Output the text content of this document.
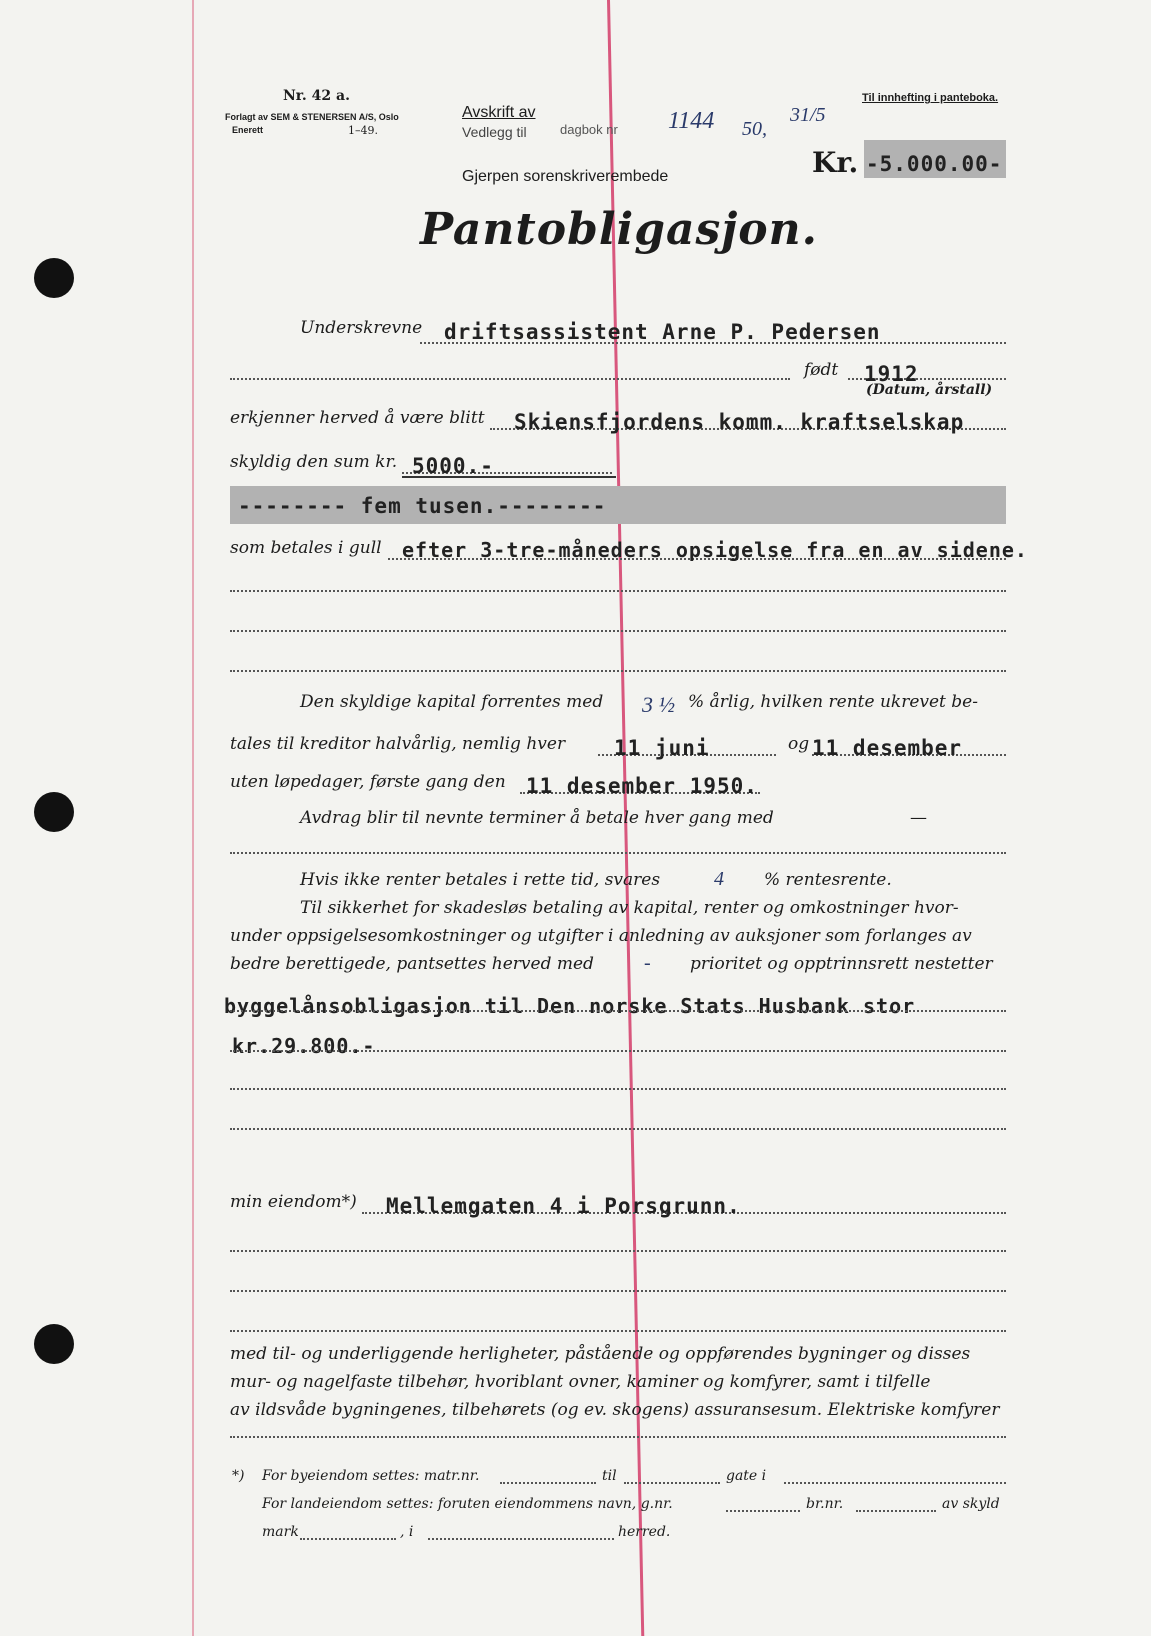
Nr. 42 a.
Forlagt av SEM & STENERSEN A/S, Oslo
Enerett	1–49.
Avskrift av
Vedlegg til	dagbok nr 1144 50,
31/5
Gjerpen sorenskriverembede
Til innhefting i panteboka.
Kr. -5.000.00-
Pantobligasjon.
Underskrevne driftsassistent Arne P. Pedersen
født 1912
(Datum, årstall)
erkjenner herved å være blitt Skiensfjordens komm. kraftselskap
skyldig den sum kr. 5000.-
-------- fem tusen.--------
som betales i gull efter 3-tre-måneders opsigelse fra en av sidene.
Den skyldige kapital forrentes med 3 ½ % årlig, hvilken rente ukrevet be-
tales til kreditor halvårlig, nemlig hver 11 juni	og 11 desember
uten løpedager, første gang den 11 desember 1950.
Avdrag blir til nevnte terminer å betale hver gang med	—
Hvis ikke renter betales i rette tid, svares	4 % rentesrente.
Til sikkerhet for skadesløs betaling av kapital, renter og omkostninger hvor-
under oppsigelsesomkostninger og utgifter i anledning av auksjoner som forlanges av
bedre berettigede, pantsettes herved med	- prioritet og opptrinnsrett nestetter
byggelånsobligasjon til Den norske Stats Husbank stor
kr.29.800.-
min eiendom*) Mellemgaten 4 i Porsgrunn.
med til- og underliggende herligheter, påstående og oppførendes bygninger og disses
mur- og nagelfaste tilbehør, hvoriblant ovner, kaminer og komfyrer, samt i tilfelle
av ildsvåde bygningenes, tilbehørets (og ev. skogens) assuransesum. Elektriske komfyrer
*) For byeiendom settes: matr.nr.	til	gate i
For landeiendom settes: foruten eiendommens navn, g.nr.	br.nr.	av skyld
mark	, i	herred.
